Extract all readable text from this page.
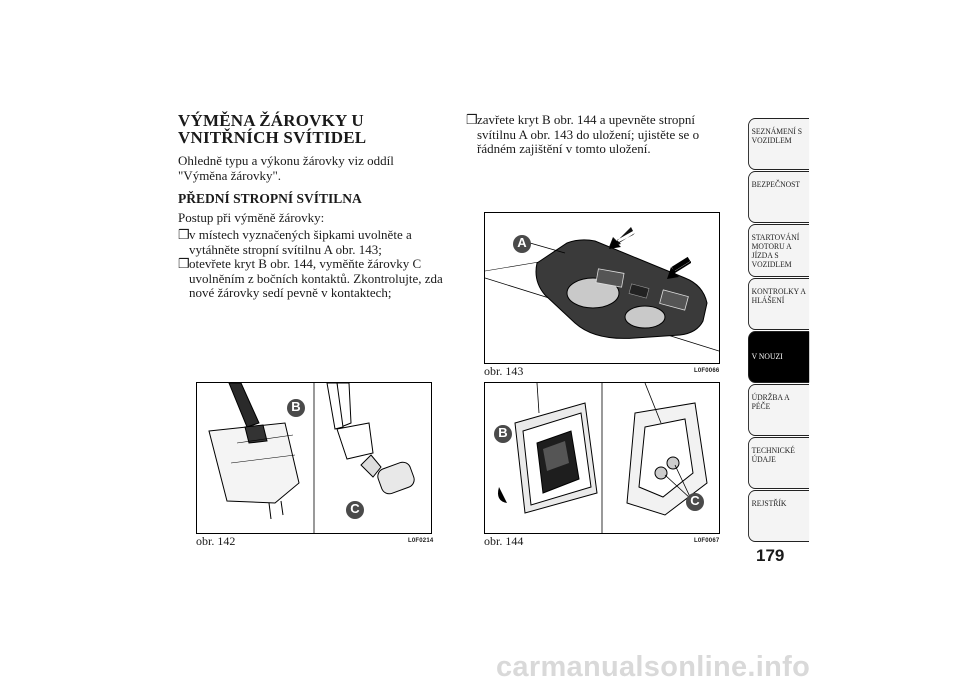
VÝMĚNA ŽÁROVKY U VNITŘNÍCH SVÍTIDEL
Ohledně typu a výkonu žárovky viz oddíl "Výměna žárovky".
PŘEDNÍ STROPNÍ SVÍTILNA
Postup při výměně žárovky:
❒ v místech vyznačených šipkami uvolněte a vytáhněte stropní svítilnu A obr. 143;
❒ otevřete kryt B obr. 144, vyměňte žárovky C uvolněním z bočních kontaktů. Zkontrolujte, zda nové žárovky sedí pevně v kontaktech;
❒ zavřete kryt B obr. 144 a upevněte stropní svítilnu A obr. 143 do uložení; ujistěte se o řádném zajištění v tomto uložení.
A
obr. 143	L0F0066
B
C
obr. 142	L0F0214
B
C
obr. 144	L0F0067
SEZNÁMENÍ S VOZIDLEM
BEZPEČNOST
STARTOVÁNÍ MOTORU A JÍZDA S VOZIDLEM
KONTROLKY A HLÁŠENÍ
V NOUZI
ÚDRŽBA A PÉČE
TECHNICKÉ ÚDAJE
REJSTŘÍK
179
carmanualsonline.info
